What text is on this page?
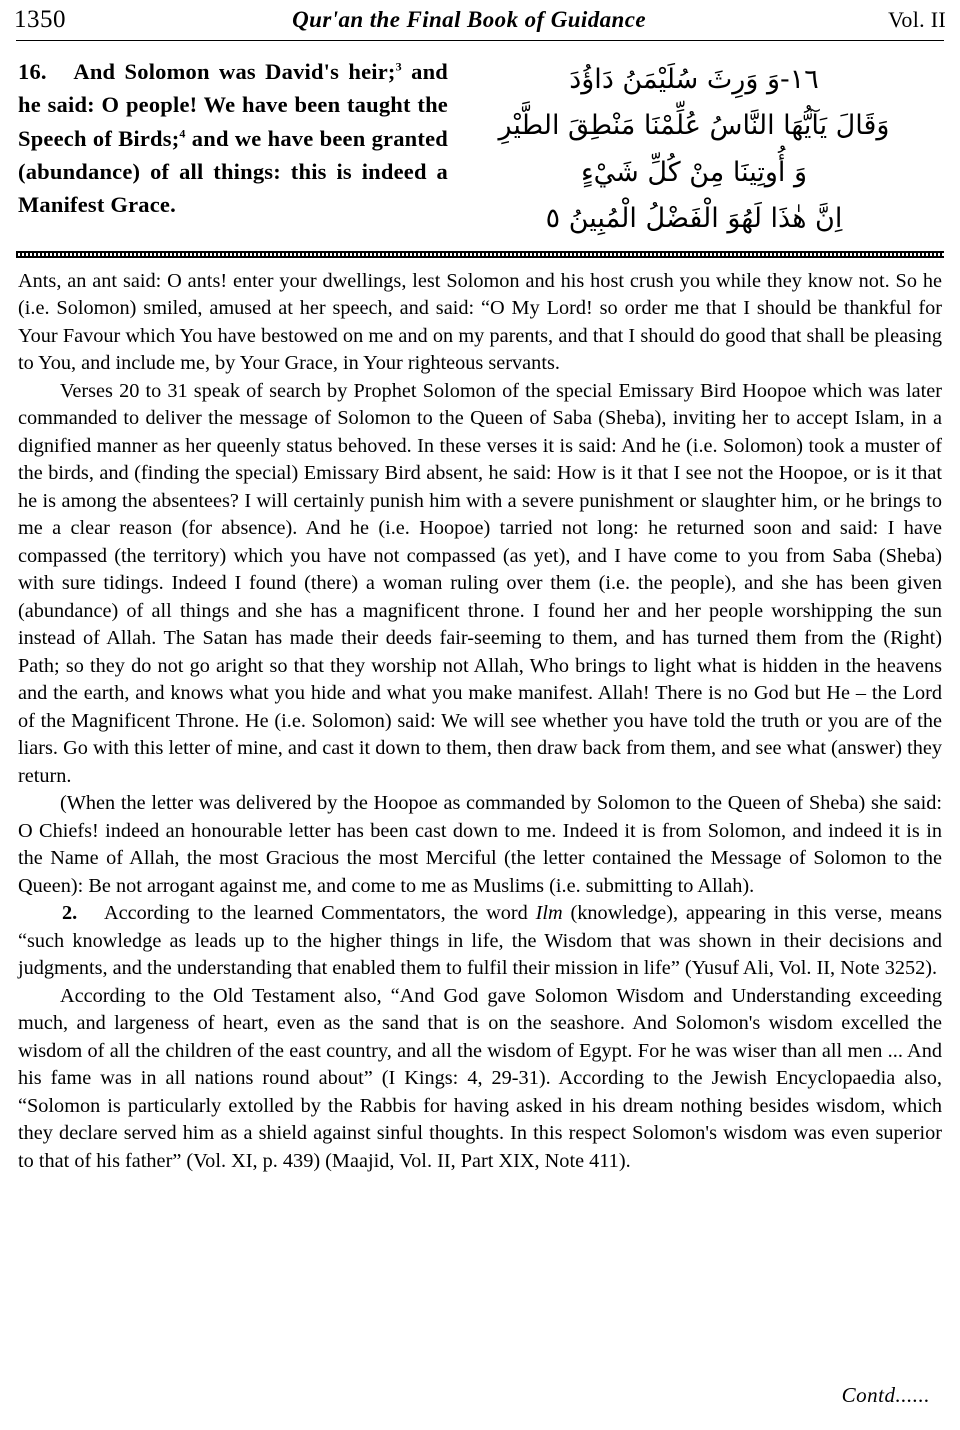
1350	Qur'an the Final Book of Guidance	Vol. II
16.   And Solomon was David's heir;$^3$ and he said: O people! We have been taught the Speech of Birds;$^4$ and we have been granted (abundance) of all things: this is indeed a Manifest Grace.
١٦-وَ وَرِثَ سُلَيْمَنُ دَاؤُدَ
وَقَالَ يَآيُّهَا النَّاسُ عُلِّمْنَا مَنْطِقَ الطَّيْرِ
وَ أُوتِينَا مِنْ كُلِّ شَيْءٍ
اِنَّ هٰذَا لَهُوَ الْفَضْلُ الْمُبِينُ ٥

Ants, an ant said: O ants! enter your dwellings, lest Solomon and his host crush you while they know not. So he (i.e. Solomon) smiled, amused at her speech, and said: “O My Lord! so order me that I should be thankful for Your Favour which You have bestowed on me and on my parents, and that I should do good that shall be pleasing to You, and include me, by Your Grace, in Your righteous servants.

Verses 20 to 31 speak of search by Prophet Solomon of the special Emissary Bird Hoopoe which was later commanded to deliver the message of Solomon to the Queen of Saba (Sheba), inviting her to accept Islam, in a dignified manner as her queenly status behoved. In these verses it is said: And he (i.e. Solomon) took a muster of the birds, and (finding the special) Emissary Bird absent, he said: How is it that I see not the Hoopoe, or is it that he is among the absentees? I will certainly punish him with a severe punishment or slaughter him, or he brings to me a clear reason (for absence). And he (i.e. Hoopoe) tarried not long: he returned soon and said: I have compassed (the territory) which you have not compassed (as yet), and I have come to you from Saba (Sheba) with sure tidings. Indeed I found (there) a woman ruling over them (i.e. the people), and she has been given (abundance) of all things and she has a magnificent throne. I found her and her people worshipping the sun instead of Allah. The Satan has made their deeds fair-seeming to them, and has turned them from the (Right) Path; so they do not go aright so that they worship not Allah, Who brings to light what is hidden in the heavens and the earth, and knows what you hide and what you make manifest. Allah! There is no God but He – the Lord of the Magnificent Throne. He (i.e. Solomon) said: We will see whether you have told the truth or you are of the liars. Go with this letter of mine, and cast it down to them, then draw back from them, and see what (answer) they return.

(When the letter was delivered by the Hoopoe as commanded by Solomon to the Queen of Sheba) she said: O Chiefs! indeed an honourable letter has been cast down to me. Indeed it is from Solomon, and indeed it is in the Name of Allah, the most Gracious the most Merciful (the letter contained the Message of Solomon to the Queen): Be not arrogant against me, and come to me as Muslims (i.e. submitting to Allah).

2. According to the learned Commentators, the word Ilm (knowledge), appearing in this verse, means “such knowledge as leads up to the higher things in life, the Wisdom that was shown in their decisions and judgments, and the understanding that enabled them to fulfil their mission in life” (Yusuf Ali, Vol. II, Note 3252).

According to the Old Testament also, “And God gave Solomon Wisdom and Understanding exceeding much, and largeness of heart, even as the sand that is on the seashore. And Solomon's wisdom excelled the wisdom of all the children of the east country, and all the wisdom of Egypt. For he was wiser than all men ... And his fame was in all nations round about” (I Kings: 4, 29-31). According to the Jewish Encyclopaedia also, “Solomon is particularly extolled by the Rabbis for having asked in his dream nothing besides wisdom, which they declare served him as a shield against sinful thoughts. In this respect Solomon's wisdom was even superior to that of his father” (Vol. XI, p. 439) (Maajid, Vol. II, Part XIX, Note 411).

Contd......
